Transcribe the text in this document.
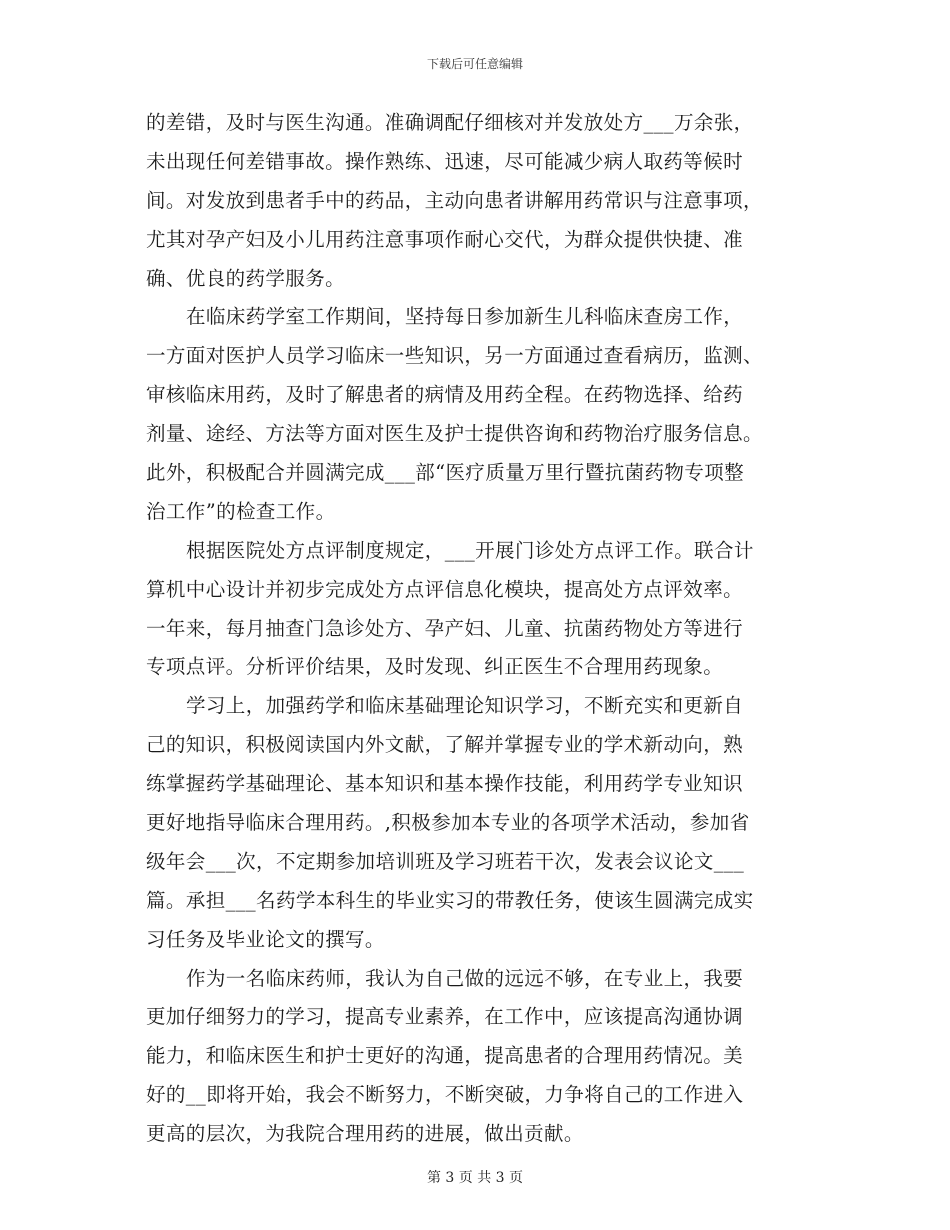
下载后可任意编辑
的差错，及时与医生沟通。准确调配仔细核对并发放处方___万余张，
未出现任何差错事故。操作熟练、迅速，尽可能减少病人取药等候时
间。对发放到患者手中的药品，主动向患者讲解用药常识与注意事项，
尤其对孕产妇及小儿用药注意事项作耐心交代，为群众提供快捷、准
确、优良的药学服务。
在临床药学室工作期间，坚持每日参加新生儿科临床查房工作，
一方面对医护人员学习临床一些知识，另一方面通过查看病历，监测、
审核临床用药，及时了解患者的病情及用药全程。在药物选择、给药
剂量、途经、方法等方面对医生及护士提供咨询和药物治疗服务信息。
此外，积极配合并圆满完成___部“医疗质量万里行暨抗菌药物专项整
治工作”的检查工作。
根据医院处方点评制度规定，___开展门诊处方点评工作。联合计
算机中心设计并初步完成处方点评信息化模块，提高处方点评效率。
一年来，每月抽查门急诊处方、孕产妇、儿童、抗菌药物处方等进行
专项点评。分析评价结果，及时发现、纠正医生不合理用药现象。
学习上，加强药学和临床基础理论知识学习，不断充实和更新自
己的知识，积极阅读国内外文献，了解并掌握专业的学术新动向，熟
练掌握药学基础理论、基本知识和基本操作技能，利用药学专业知识
更好地指导临床合理用药。,积极参加本专业的各项学术活动，参加省
级年会___次，不定期参加培训班及学习班若干次，发表会议论文___
篇。承担___名药学本科生的毕业实习的带教任务，使该生圆满完成实
习任务及毕业论文的撰写。
作为一名临床药师，我认为自己做的远远不够，在专业上，我要
更加仔细努力的学习，提高专业素养，在工作中，应该提高沟通协调
能力，和临床医生和护士更好的沟通，提高患者的合理用药情况。美
好的__即将开始，我会不断努力，不断突破，力争将自己的工作进入
更高的层次，为我院合理用药的进展，做出贡献。
第 3 页 共 3 页
